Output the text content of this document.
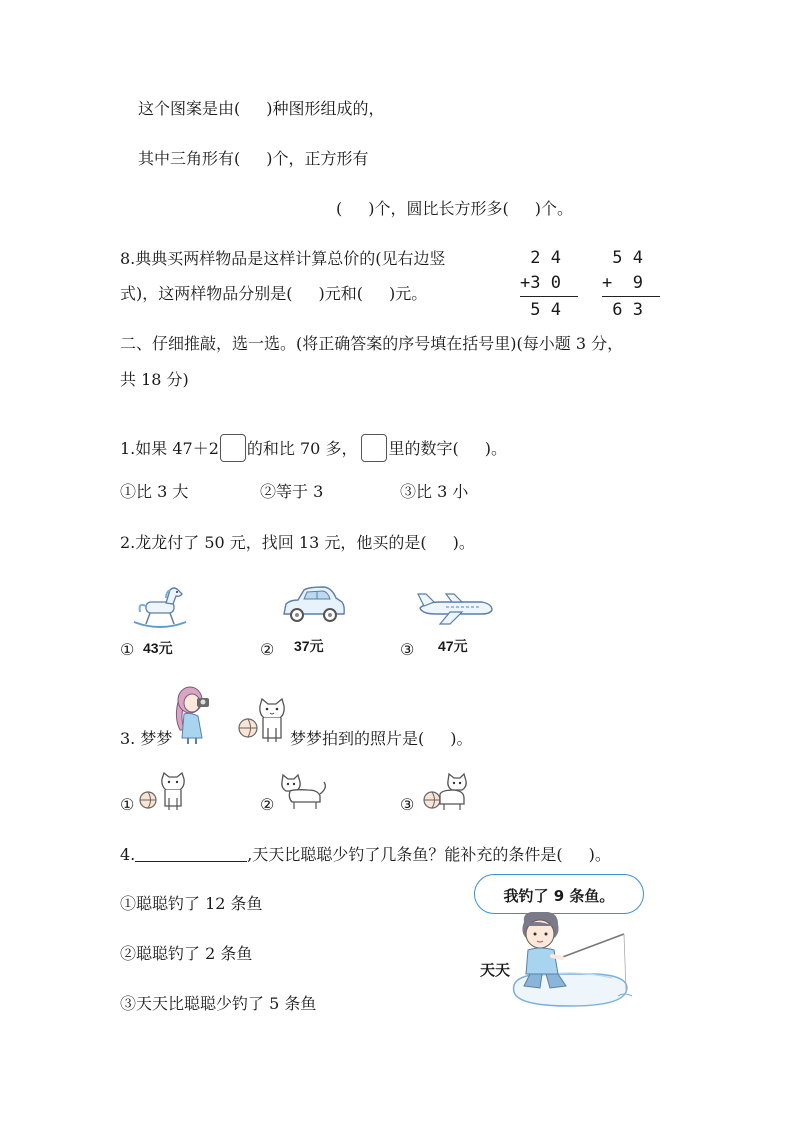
这个图案是由( )种图形组成的，
其中三角形有( )个，正方形有
( )个，圆比长方形多( )个。
8.典典买两样物品是这样计算总价的(见右边竖
式)，这两样物品分别是( )元和( )元。
2 4
+3 0
5 4
5 4
+  9
6 3
二、仔细推敲，选一选。(将正确答案的序号填在括号里)(每小题 3 分，
共 18 分)
1.如果 47＋2 的和比 70 多， 里的数字( )。
①比 3 大	②等于 3	③比 3 小
2.龙龙付了 50 元，找回 13 元，他买的是( )。
① 43元	② 37元	③ 47元
3. 梦梦	梦梦拍到的照片是( )。
①	②	③
4.	,天天比聪聪少钓了几条鱼？能补充的条件是( )。
①聪聪钓了 12 条鱼
②聪聪钓了 2 条鱼
③天天比聪聪少钓了 5 条鱼
我钓了 9 条鱼。
天天
